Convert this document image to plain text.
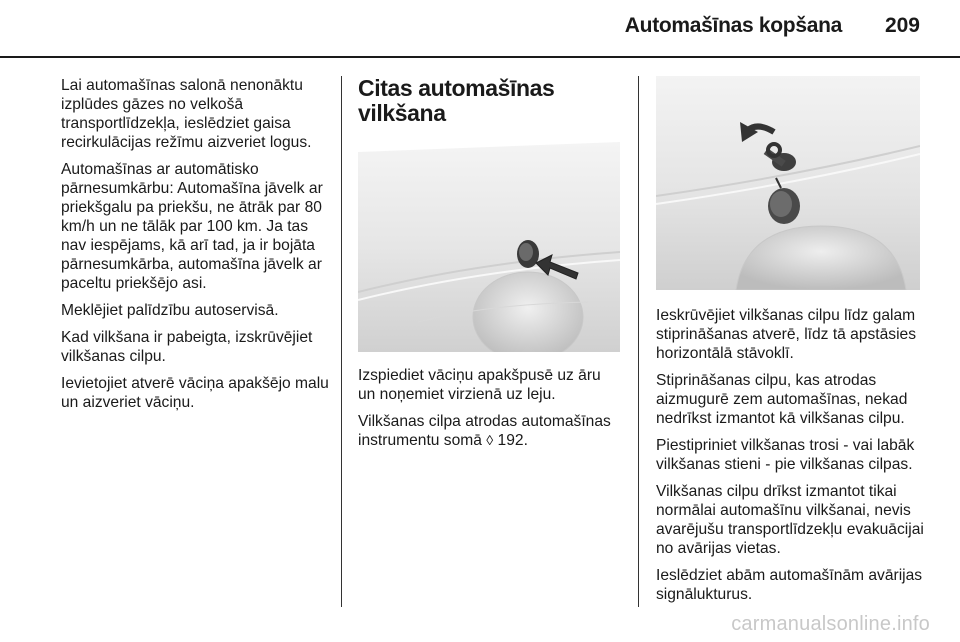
Automašīnas kopšana 209

Lai automašīnas salonā nenonāktu izplūdes gāzes no velkošā transportlīdzekļa, ieslēdziet gaisa recirkulācijas režīmu aizveriet logus.

Automašīnas ar automātisko pārnesumkārbu: Automašīna jāvelk ar priekšgalu pa priekšu, ne ātrāk par 80 km/h un ne tālāk par 100 km. Ja tas nav iespējams, kā arī tad, ja ir bojāta pārnesumkārba, automašīna jāvelk ar paceltu priekšējo asi.

Meklējiet palīdzību autoservisā.

Kad vilkšana ir pabeigta, izskrūvējiet vilkšanas cilpu.

Ievietojiet atverē vāciņa apakšējo malu un aizveriet vāciņu.

Citas automašīnas
vilkšana

Izspiediet vāciņu apakšpusē uz āru un noņemiet virzienā uz leju.

Vilkšanas cilpa atrodas automašīnas instrumentu somā ◊ 192.

Ieskrūvējiet vilkšanas cilpu līdz galam stiprināšanas atverē, līdz tā apstāsies horizontālā stāvoklī.

Stiprināšanas cilpu, kas atrodas aizmugurē zem automašīnas, nekad nedrīkst izmantot kā vilkšanas cilpu.

Piestipriniet vilkšanas trosi - vai labāk vilkšanas stieni - pie vilkšanas cilpas.

Vilkšanas cilpu drīkst izmantot tikai normālai automašīnu vilkšanai, nevis avarējušu transportlīdzekļu evakuācijai no avārijas vietas.

Ieslēdziet abām automašīnām avārijas signālukturus.

carmanualsonline.info
